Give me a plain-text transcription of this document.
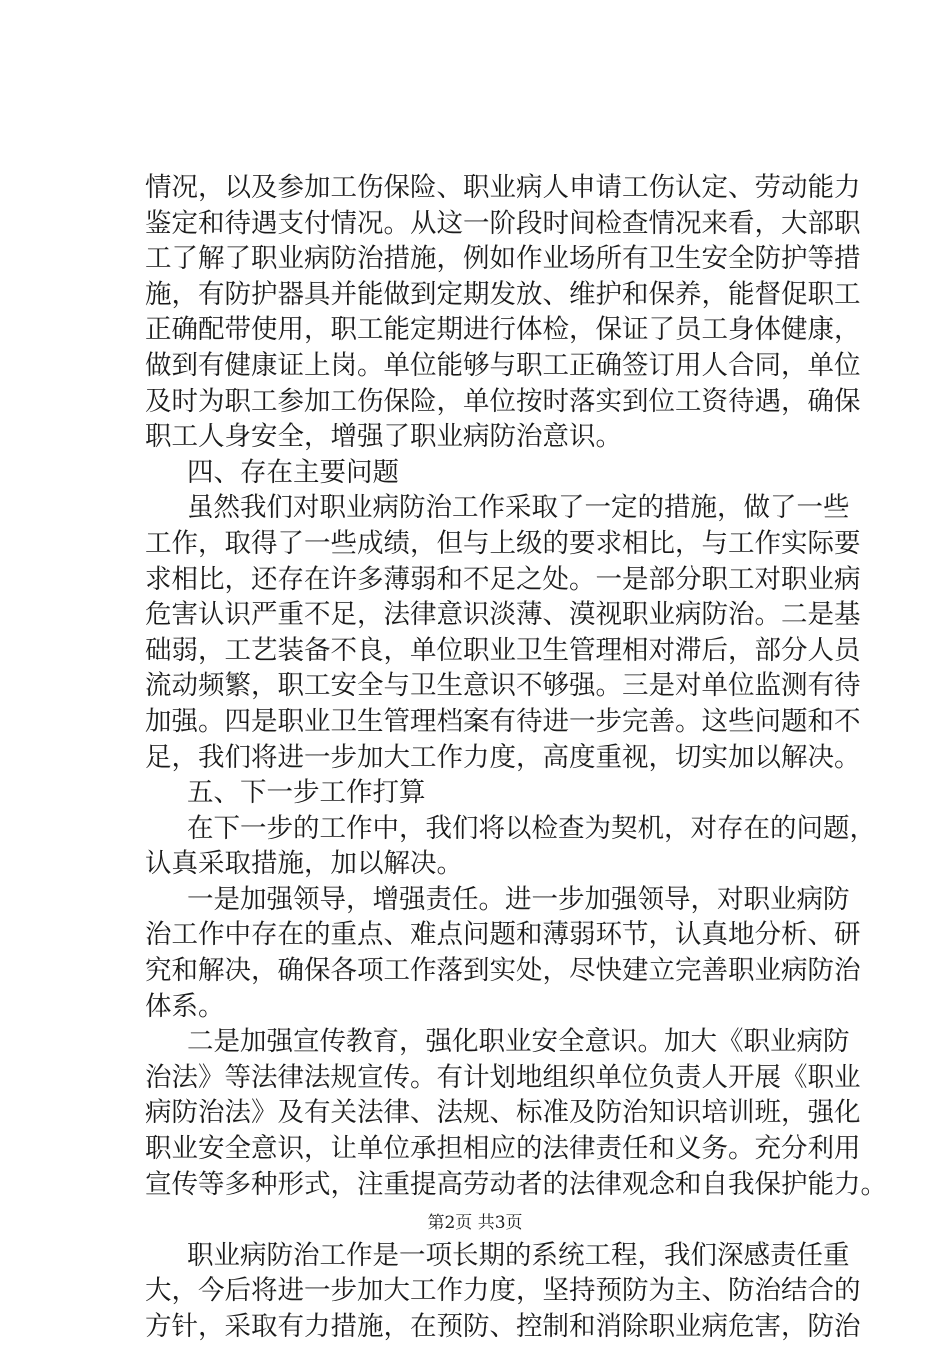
情况，以及参加工伤保险、职业病人申请工伤认定、劳动能力
鉴定和待遇支付情况。从这一阶段时间检查情况来看，大部职
工了解了职业病防治措施，例如作业场所有卫生安全防护等措
施，有防护器具并能做到定期发放、维护和保养，能督促职工
正确配带使用，职工能定期进行体检，保证了员工身体健康，
做到有健康证上岗。单位能够与职工正确签订用人合同，单位
及时为职工参加工伤保险，单位按时落实到位工资待遇，确保
职工人身安全，增强了职业病防治意识。
四、存在主要问题
虽然我们对职业病防治工作采取了一定的措施，做了一些
工作，取得了一些成绩，但与上级的要求相比，与工作实际要
求相比，还存在许多薄弱和不足之处。一是部分职工对职业病
危害认识严重不足，法律意识淡薄、漠视职业病防治。二是基
础弱，工艺装备不良，单位职业卫生管理相对滞后，部分人员
流动频繁，职工安全与卫生意识不够强。三是对单位监测有待
加强。四是职业卫生管理档案有待进一步完善。这些问题和不
足，我们将进一步加大工作力度，高度重视，切实加以解决。
五、下一步工作打算
在下一步的工作中，我们将以检查为契机，对存在的问题，
认真采取措施，加以解决。
一是加强领导，增强责任。进一步加强领导，对职业病防
治工作中存在的重点、难点问题和薄弱环节，认真地分析、研
究和解决，确保各项工作落到实处，尽快建立完善职业病防治
体系。
二是加强宣传教育，强化职业安全意识。加大《职业病防
治法》等法律法规宣传。有计划地组织单位负责人开展《职业
病防治法》及有关法律、法规、标准及防治知识培训班，强化
职业安全意识，让单位承担相应的法律责任和义务。充分利用
宣传等多种形式，注重提高劳动者的法律观念和自我保护能力。
职业病防治工作是一项长期的系统工程，我们深感责任重
大，今后将进一步加大工作力度，坚持预防为主、防治结合的
方针，采取有力措施，在预防、控制和消除职业病危害，防治
第2页 共3页
